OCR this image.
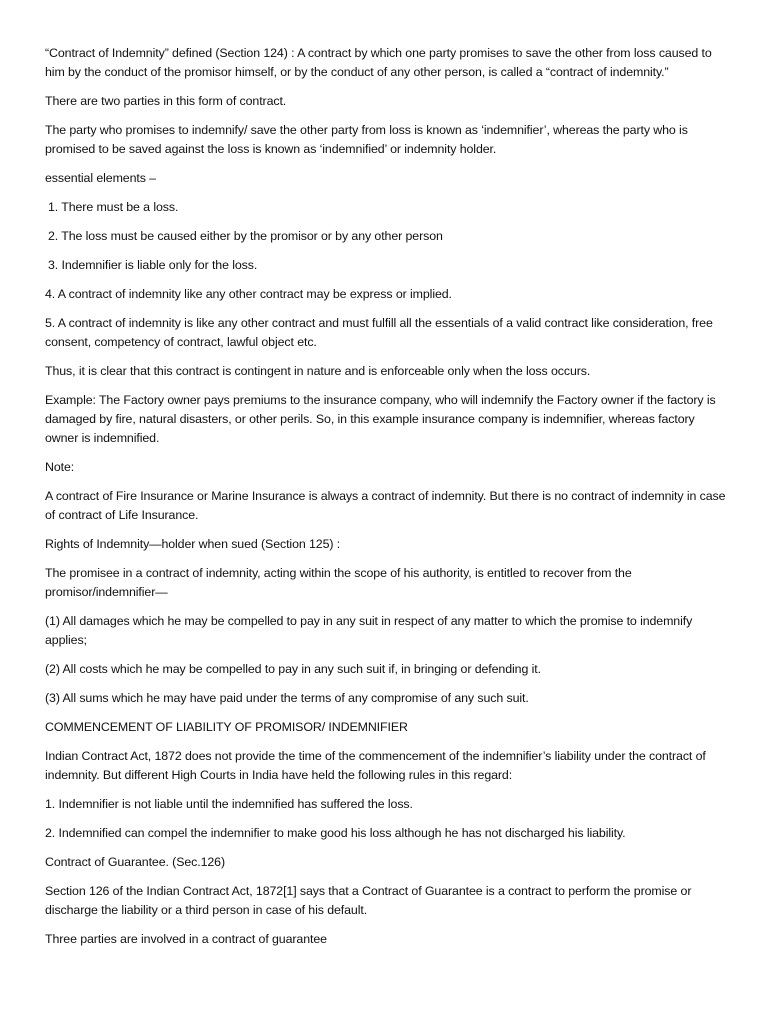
“Contract of Indemnity” defined (Section 124) : A contract by which one party promises to save the other from loss caused to him by the conduct of the promisor himself, or by the conduct of any other person, is called a “contract of indemnity.”

There are two parties in this form of contract.

The party who promises to indemnify/ save the other party from loss is known as ‘indemnifier’, whereas the party who is promised to be saved against the loss is known as ‘indemnified’ or indemnity holder.

essential elements –

1. There must be a loss.

2. The loss must be caused either by the promisor or by any other person

3. Indemnifier is liable only for the loss.

4. A contract of indemnity like any other contract may be express or implied.

5. A contract of indemnity is like any other contract and must fulfill all the essentials of a valid contract like consideration, free consent, competency of contract, lawful object etc.

Thus, it is clear that this contract is contingent in nature and is enforceable only when the loss occurs.

Example: The Factory owner pays premiums to the insurance company, who will indemnify the Factory owner if the factory is damaged by fire, natural disasters, or other perils. So, in this example insurance company is indemnifier, whereas factory owner is indemnified.

Note:

A contract of Fire Insurance or Marine Insurance is always a contract of indemnity. But there is no contract of indemnity in case of contract of Life Insurance.

Rights of Indemnity—holder when sued (Section 125) :

The promisee in a contract of indemnity, acting within the scope of his authority, is entitled to recover from the promisor/indemnifier—

(1) All damages which he may be compelled to pay in any suit in respect of any matter to which the promise to indemnify applies;

(2) All costs which he may be compelled to pay in any such suit if, in bringing or defending it.

(3) All sums which he may have paid under the terms of any compromise of any such suit.

COMMENCEMENT OF LIABILITY OF PROMISOR/ INDEMNIFIER

Indian Contract Act, 1872 does not provide the time of the commencement of the indemnifier’s liability under the contract of indemnity. But different High Courts in India have held the following rules in this regard:

1. Indemnifier is not liable until the indemnified has suffered the loss.

2. Indemnified can compel the indemnifier to make good his loss although he has not discharged his liability.

Contract of Guarantee. (Sec.126)

Section 126 of the Indian Contract Act, 1872[1] says that a Contract of Guarantee is a contract to perform the promise or discharge the liability or a third person in case of his default.

Three parties are involved in a contract of guarantee
